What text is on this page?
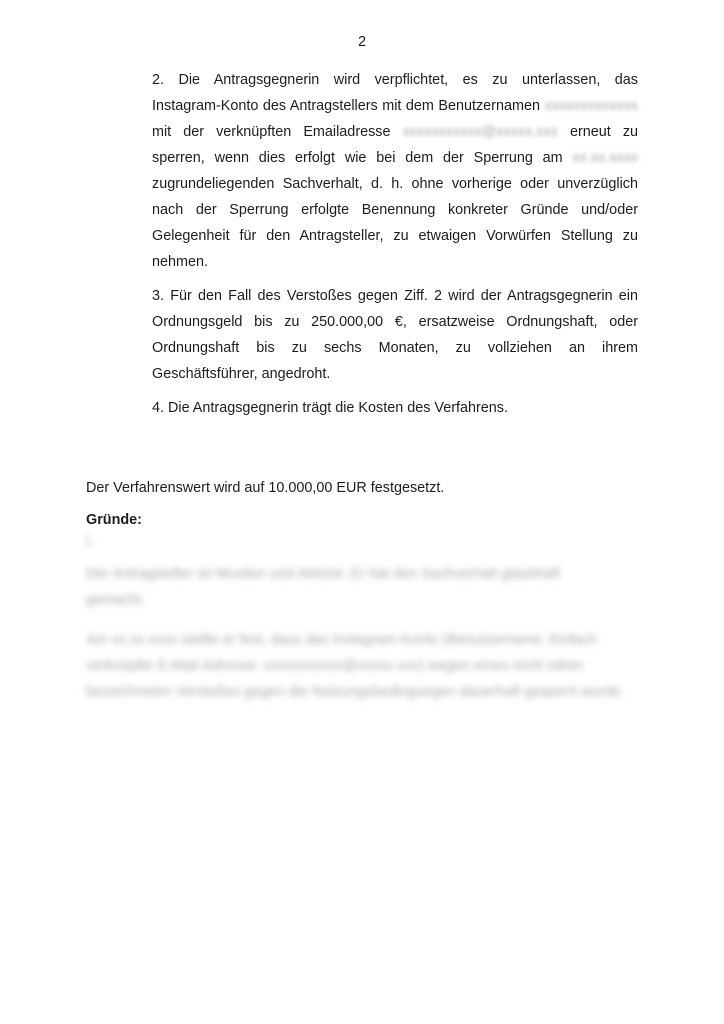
2
2. Die Antragsgegnerin wird verpflichtet, es zu unterlassen, das
Instagram-Konto des Antragstellers mit dem Benutzernamen xxxxxxxxxxxxx
mit der verknüpften Emailadresse xxxxxxxxxxx@xxxxx.xxx erneut zu
sperren, wenn dies erfolgt wie bei dem der Sperrung am xx.xx.xxxx
zugrundeliegenden Sachverhalt, d. h. ohne vorherige oder unverzüglich
nach der Sperrung erfolgte Benennung konkreter Gründe und/oder
Gelegenheit für den Antragsteller, zu etwaigen Vorwürfen Stellung zu
nehmen.
3. Für den Fall des Verstoßes gegen Ziff. 2 wird der Antragsgegnerin ein
Ordnungsgeld bis zu 250.000,00 €, ersatzweise Ordnungshaft, oder
Ordnungshaft bis zu sechs Monaten, zu vollziehen an ihrem
Geschäftsführer, angedroht.
4. Die Antragsgegnerin trägt die Kosten des Verfahrens.
Der Verfahrenswert wird auf 10.000,00 EUR festgesetzt.
Gründe:
I.
Der Antragsteller ist Musiker und Aktivist. Er hat den Sachverhalt glaubhaft
gemacht.
Am xx.xx.xxxx stellte er fest, dass das Instagram-Konto (Benutzername: Einfach
verknüpfte E-Mail-Adresse: xxxxxxxxxxx@xxxxx.xxx) wegen eines nicht näher
bezeichneten Verstoßes gegen die Nutzungsbedingungen dauerhaft gesperrt wurde.
